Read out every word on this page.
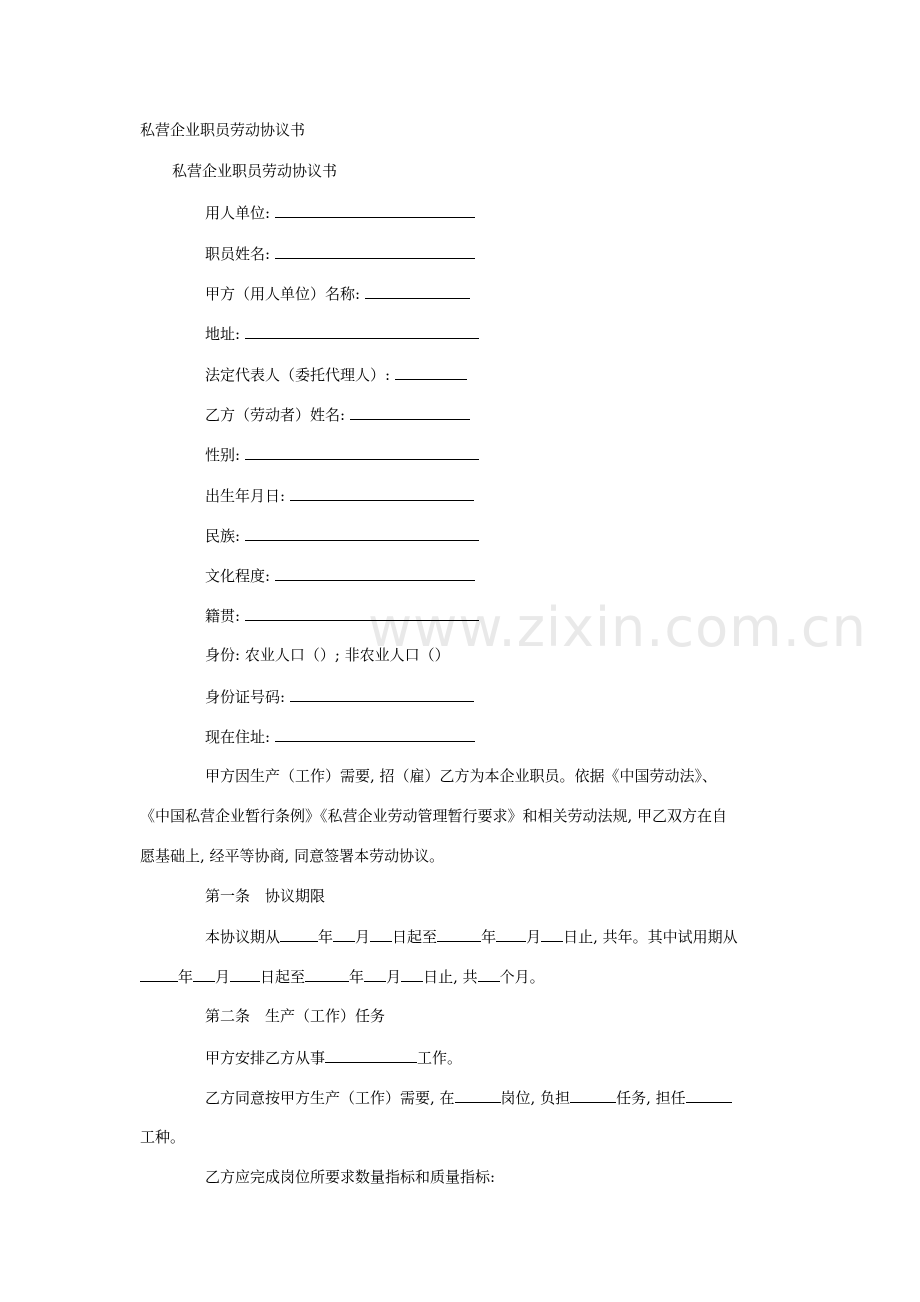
www.zixin.com.cn
私营企业职员劳动协议书
私营企业职员劳动协议书
用人单位:
职员姓名:
甲方（用人单位）名称:
地址:
法定代表人（委托代理人）:
乙方（劳动者）姓名:
性别:
出生年月日:
民族:
文化程度:
籍贯:
身份: 农业人口（）; 非农业人口（）
身份证号码:
现在住址:
甲方因生产（工作）需要, 招（雇）乙方为本企业职员。依据《中国劳动法》、
《中国私营企业暂行条例》《私营企业劳动管理暂行要求》和相关劳动法规, 甲乙双方在自
愿基础上, 经平等协商, 同意签署本劳动协议。
第一条　协议期限
本协议期从	年 月 日起至	年 月 日止, 共年。其中试用期从
年 月 日起至	年 月 日止, 共 个月。
第二条　生产（工作）任务
甲方安排乙方从事	工作。
乙方同意按甲方生产（工作）需要, 在	岗位, 负担	任务, 担任
工种。
乙方应完成岗位所要求数量指标和质量指标:
